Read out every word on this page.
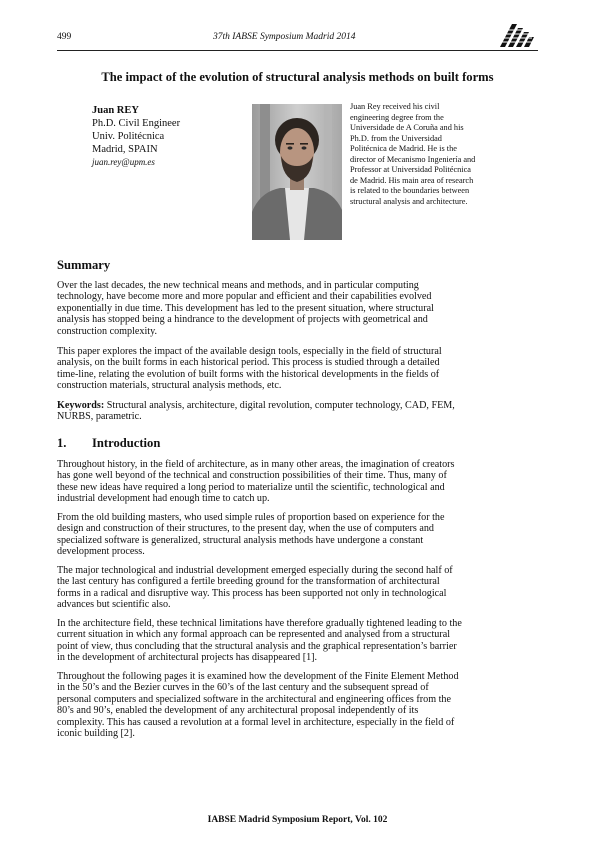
499	37th IABSE Symposium Madrid 2014
The impact of the evolution of structural analysis methods on built forms
Juan REY
Ph.D. Civil Engineer
Univ. Politécnica
Madrid, SPAIN
juan.rey@upm.es
Juan Rey received his civil
engineering degree from the
Universidade de A Coruña and his
Ph.D. from the Universidad
Politécnica de Madrid. He is the
director of Mecanismo Ingeniería and
Professor at Universidad Politécnica
de Madrid. His main area of research
is related to the boundaries between
structural analysis and architecture.
Summary
Over the last decades, the new technical means and methods, and in particular computing
technology, have become more and more popular and efficient and their capabilities evolved
exponentially in due time. This development has led to the present situation, where structural
analysis has stopped being a hindrance to the development of projects with geometrical and
construction complexity.
This paper explores the impact of the available design tools, especially in the field of structural
analysis, on the built forms in each historical period. This process is studied through a detailed
time-line, relating the evolution of built forms with the historical developments in the fields of
construction materials, structural analysis methods, etc.
Keywords: Structural analysis, architecture, digital revolution, computer technology, CAD, FEM,
NURBS, parametric.
1. Introduction
Throughout history, in the field of architecture, as in many other areas, the imagination of creators
has gone well beyond of the technical and construction possibilities of their time. Thus, many of
these new ideas have required a long period to materialize until the scientific, technological and
industrial development had enough time to catch up.
From the old building masters, who used simple rules of proportion based on experience for the
design and construction of their structures, to the present day, when the use of computers and
specialized software is generalized, structural analysis methods have undergone a constant
development process.
The major technological and industrial development emerged especially during the second half of
the last century has configured a fertile breeding ground for the transformation of architectural
forms in a radical and disruptive way. This process has been supported not only in technological
advances but scientific also.
In the architecture field, these technical limitations have therefore gradually tightened leading to the
current situation in which any formal approach can be represented and analysed from a structural
point of view, thus concluding that the structural analysis and the graphical representation’s barrier
in the development of architectural projects has disappeared [1].
Throughout the following pages it is examined how the development of the Finite Element Method
in the 50’s and the Bezier curves in the 60’s of the last century and the subsequent spread of
personal computers and specialized software in the architectural and engineering offices from the
80’s and 90’s, enabled the development of any architectural proposal independently of its
complexity. This has caused a revolution at a formal level in architecture, especially in the field of
iconic building [2].
IABSE Madrid Symposium Report, Vol. 102
